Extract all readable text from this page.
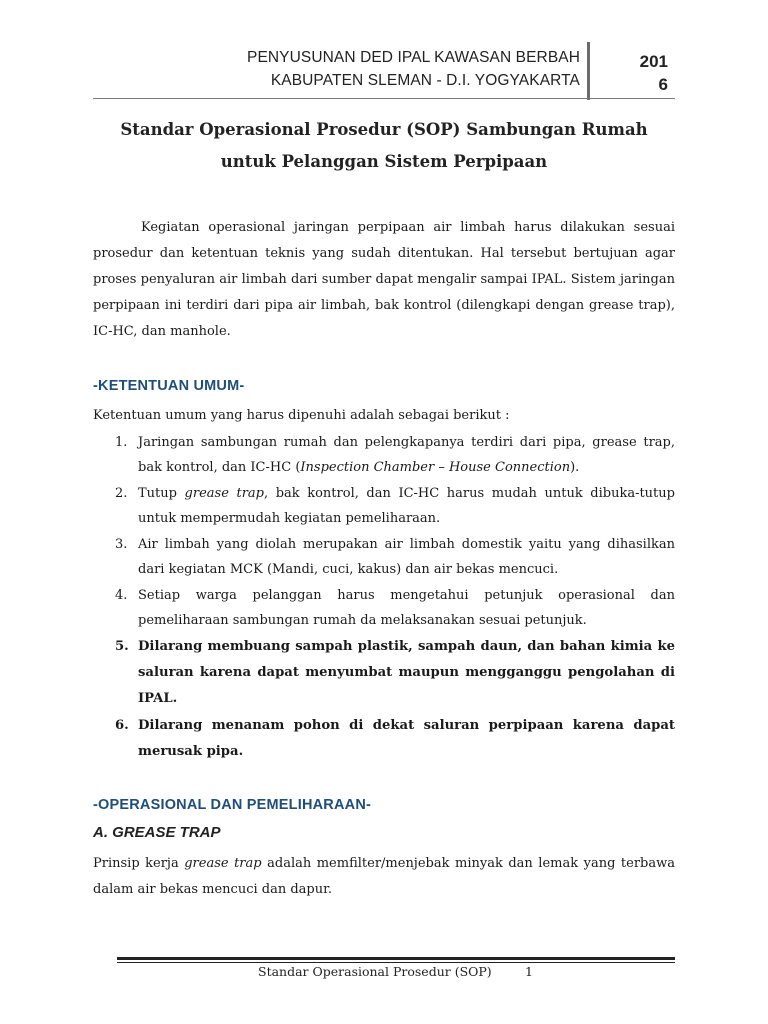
PENYUSUNAN DED IPAL KAWASAN BERBAH
KABUPATEN SLEMAN - D.I. YOGYAKARTA
201
6
Standar Operasional Prosedur (SOP) Sambungan Rumah
untuk Pelanggan Sistem Perpipaan

Kegiatan operasional jaringan perpipaan air limbah harus dilakukan sesuai prosedur dan ketentuan teknis yang sudah ditentukan. Hal tersebut bertujuan agar proses penyaluran air limbah dari sumber dapat mengalir sampai IPAL. Sistem jaringan perpipaan ini terdiri dari pipa air limbah, bak kontrol (dilengkapi dengan grease trap), IC-HC, dan manhole.

-KETENTUAN UMUM-
Ketentuan umum yang harus dipenuhi adalah sebagai berikut :
1. Jaringan sambungan rumah dan pelengkapanya terdiri dari pipa, grease trap, bak kontrol, dan IC-HC (Inspection Chamber – House Connection).
2. Tutup grease trap, bak kontrol, dan IC-HC harus mudah untuk dibuka-tutup untuk mempermudah kegiatan pemeliharaan.
3. Air limbah yang diolah merupakan air limbah domestik yaitu yang dihasilkan dari kegiatan MCK (Mandi, cuci, kakus) dan air bekas mencuci.
4. Setiap warga pelanggan harus mengetahui petunjuk operasional dan pemeliharaan sambungan rumah da melaksanakan sesuai petunjuk.
5. Dilarang membuang sampah plastik, sampah daun, dan bahan kimia ke saluran karena dapat menyumbat maupun mengganggu pengolahan di IPAL.
6. Dilarang menanam pohon di dekat saluran perpipaan karena dapat merusak pipa.
-OPERASIONAL DAN PEMELIHARAAN-
A. GREASE TRAP

Prinsip kerja grease trap adalah memfilter/menjebak minyak dan lemak yang terbawa dalam air bekas mencuci dan dapur.

Standar Operasional Prosedur (SOP)	1
